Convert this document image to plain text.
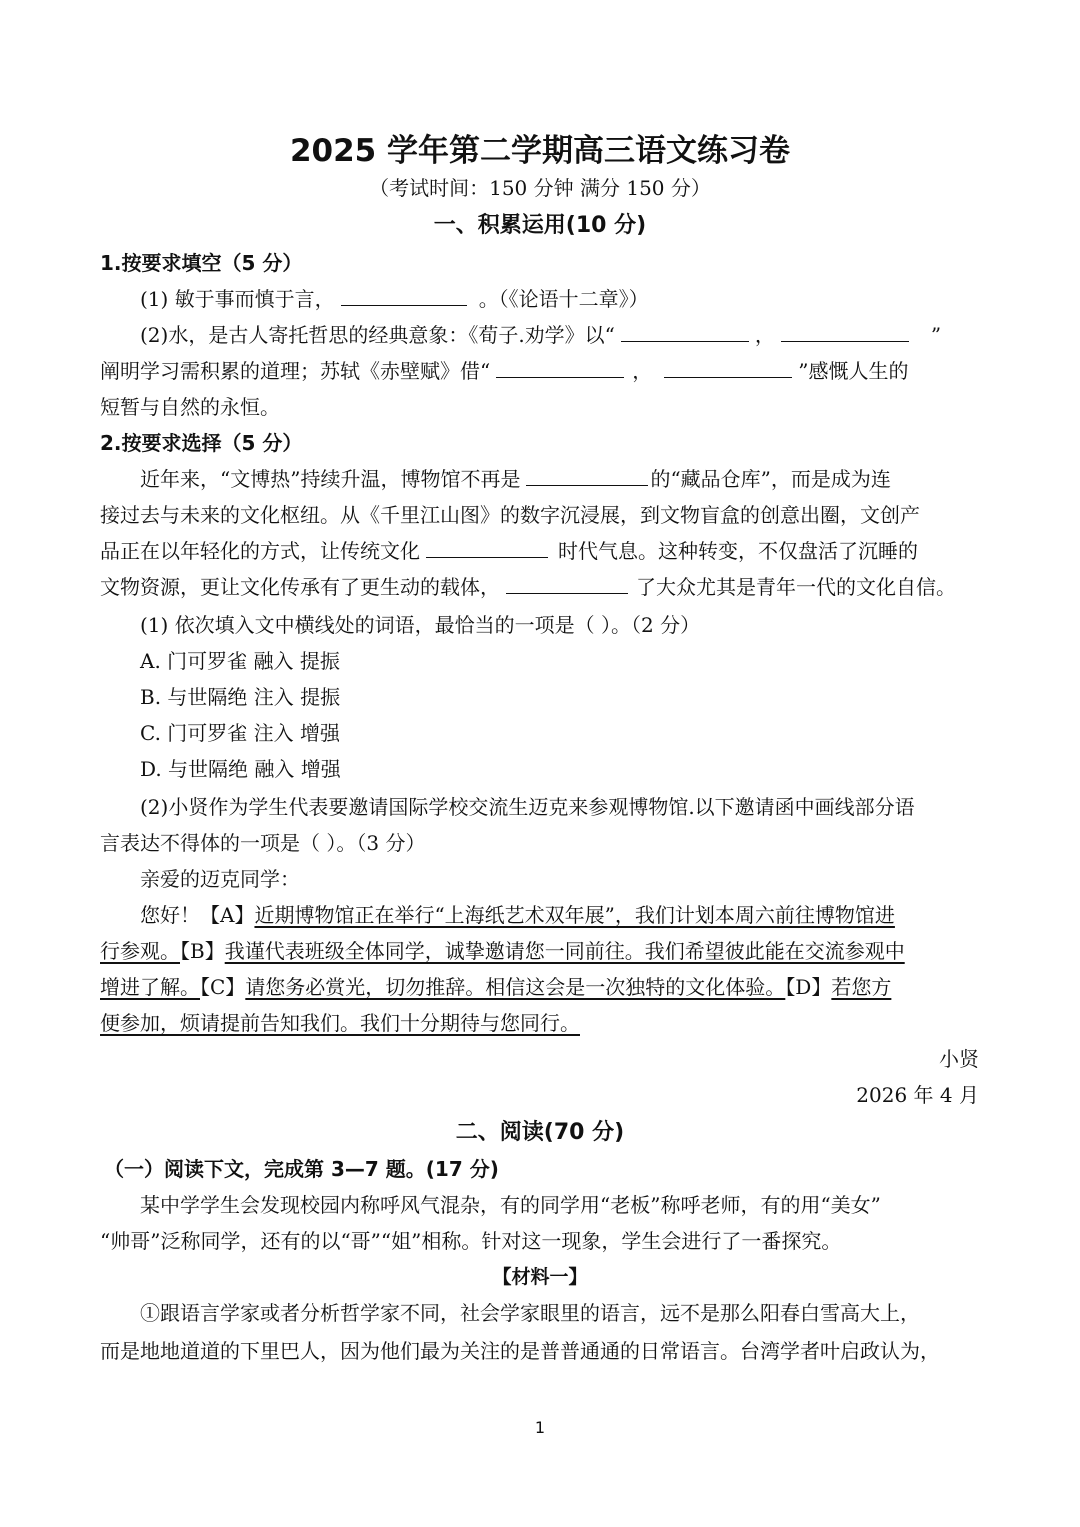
2025 学年第二学期高三语文练习卷
（考试时间：150 分钟 满分 150 分）
一、积累运用(10 分)
1.按要求填空（5 分）
(1) 敏于事而慎于言，	。（《论语十二章》）
(2)水，是古人寄托哲思的经典意象：《荀子.劝学》以“	，	”
阐明学习需积累的道理；苏轼《赤壁赋》借“	，	”感慨人生的
短暂与自然的永恒。
2.按要求选择（5 分）
近年来，“文博热”持续升温，博物馆不再是	的“藏品仓库”，而是成为连
接过去与未来的文化枢纽。从《千里江山图》的数字沉浸展，到文物盲盒的创意出圈，文创产
品正在以年轻化的方式，让传统文化	时代气息。这种转变，不仅盘活了沉睡的
文物资源，更让文化传承有了更生动的载体，	了大众尤其是青年一代的文化自信。
(1) 依次填入文中横线处的词语，最恰当的一项是（ ）。（2 分）
A. 门可罗雀 融入 提振
B. 与世隔绝 注入 提振
C. 门可罗雀 注入 增强
D. 与世隔绝 融入 增强
(2)小贤作为学生代表要邀请国际学校交流生迈克来参观博物馆.以下邀请函中画线部分语
言表达不得体的一项是（ ）。（3 分）
亲爱的迈克同学：
您好！【A】近期博物馆正在举行“上海纸艺术双年展”，我们计划本周六前往博物馆进
行参观。【B】我谨代表班级全体同学，诚挚邀请您一同前往。我们希望彼此能在交流参观中
增进了解。【C】请您务必赏光，切勿推辞。相信这会是一次独特的文化体验。【D】若您方
便参加，烦请提前告知我们。我们十分期待与您同行。
小贤
2026 年 4 月
二、阅读(70 分)
（一）阅读下文，完成第 3—7 题。(17 分)
某中学学生会发现校园内称呼风气混杂，有的同学用“老板”称呼老师，有的用“美女”
“帅哥”泛称同学，还有的以“哥”“姐”相称。针对这一现象，学生会进行了一番探究。
【材料一】
①跟语言学家或者分析哲学家不同，社会学家眼里的语言，远不是那么阳春白雪高大上，
而是地地道道的下里巴人，因为他们最为关注的是普普通通的日常语言。台湾学者叶启政认为，
1
